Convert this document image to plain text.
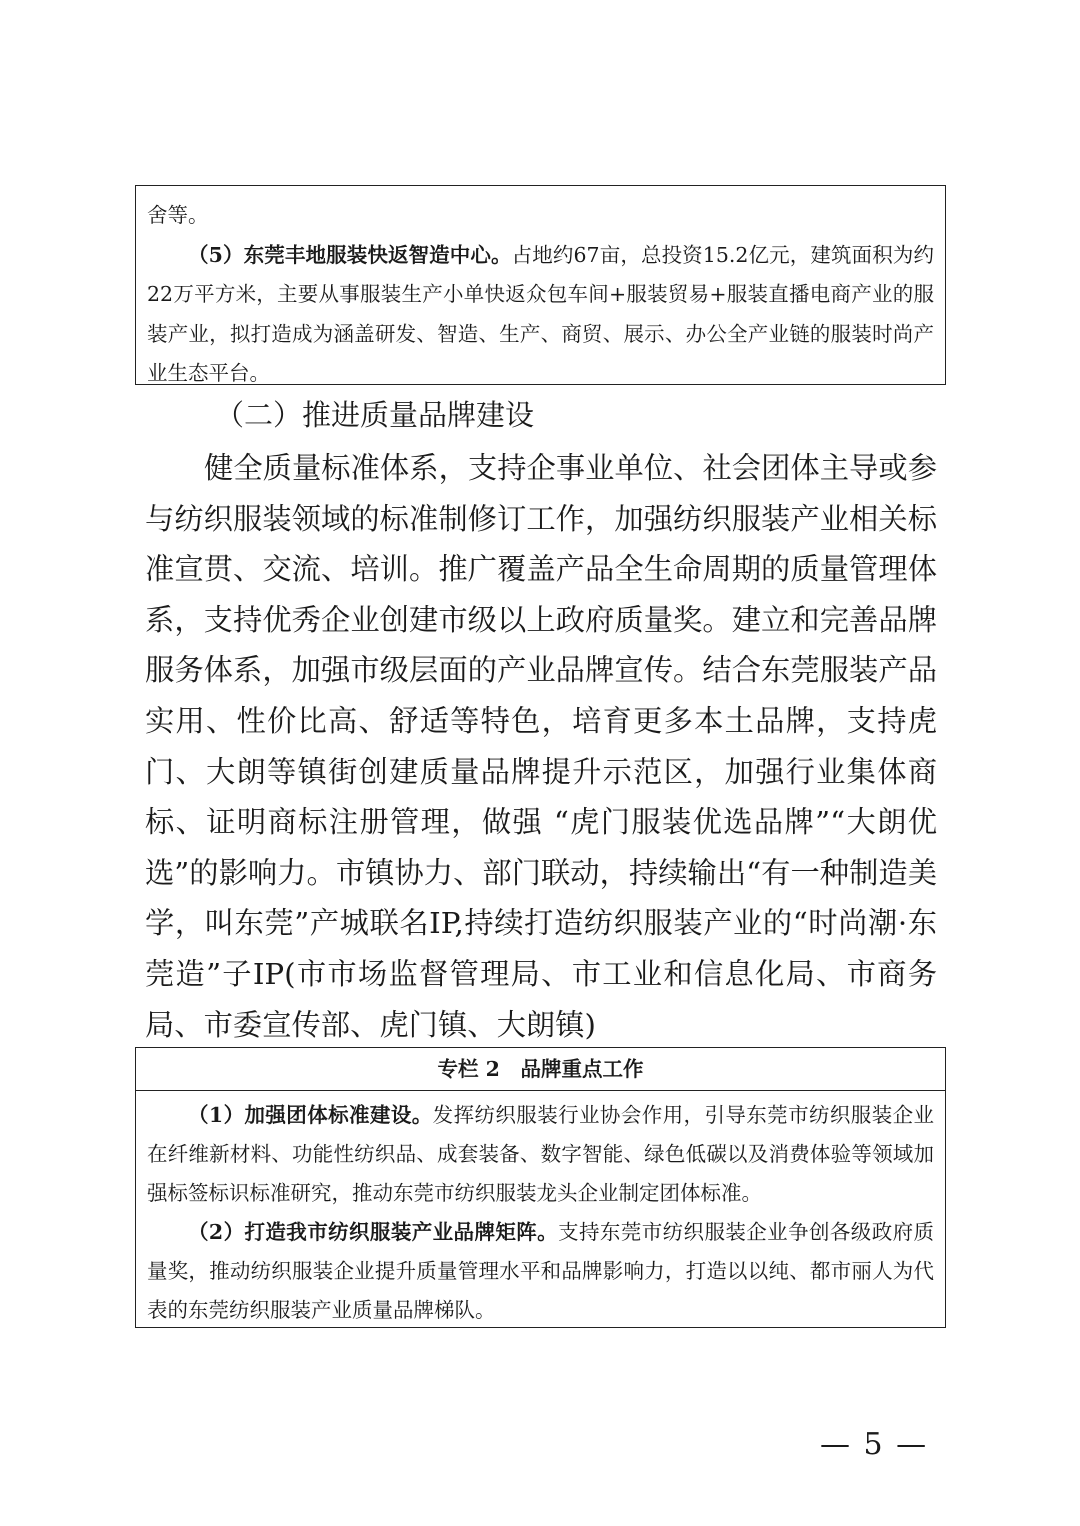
舍等。

（5）东莞丰地服装快返智造中心。占地约67亩，总投资15.2亿元，建筑面积为约22万平方米，主要从事服装生产小单快返众包车间+服装贸易+服装直播电商产业的服装产业，拟打造成为涵盖研发、智造、生产、商贸、展示、办公全产业链的服装时尚产业生态平台。

（二）推进质量品牌建设

健全质量标准体系，支持企事业单位、社会团体主导或参与纺织服装领域的标准制修订工作，加强纺织服装产业相关标准宣贯、交流、培训。推广覆盖产品全生命周期的质量管理体系，支持优秀企业创建市级以上政府质量奖。建立和完善品牌服务体系，加强市级层面的产业品牌宣传。结合东莞服装产品实用、性价比高、舒适等特色，培育更多本土品牌，支持虎门、大朗等镇街创建质量品牌提升示范区，加强行业集体商标、证明商标注册管理，做强 “虎门服装优选品牌”“大朗优选”的影响力。市镇协力、部门联动，持续输出“有一种制造美学，叫东莞”产城联名IP,持续打造纺织服装产业的“时尚潮·东莞造”子IP(市市场监督管理局、市工业和信息化局、市商务局、市委宣传部、虎门镇、大朗镇)

专栏 2　品牌重点工作

（1）加强团体标准建设。发挥纺织服装行业协会作用，引导东莞市纺织服装企业在纤维新材料、功能性纺织品、成套装备、数字智能、绿色低碳以及消费体验等领域加强标签标识标准研究，推动东莞市纺织服装龙头企业制定团体标准。

（2）打造我市纺织服装产业品牌矩阵。支持东莞市纺织服装企业争创各级政府质量奖，推动纺织服装企业提升质量管理水平和品牌影响力，打造以以纯、都市丽人为代表的东莞纺织服装产业质量品牌梯队。

— 5 —
